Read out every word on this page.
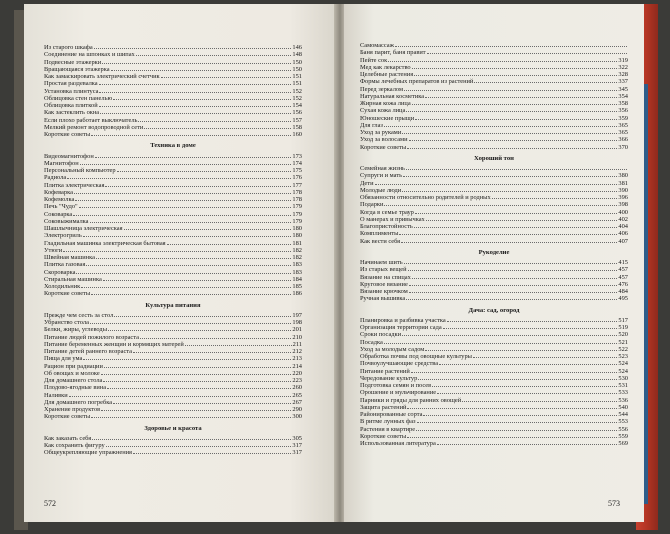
Из старого шкафа	146
Соединение на шпонках и шипах	148
Подвесные этажерки	150
Вращающаяся этажерка	150
Как замаскировать электрический счетчик	151
Простая раздевалка	151
Установка плинтуса	152
Облицовка стен панелью	152
Облицовка плиткой	154
Как застеклить окна	156
Если плохо работает выключатель	157
Мелкий ремонт водопроводной сети	158
Короткие советы	160
Техника в доме
Видеомагнитофон	173
Магнитофон	174
Персональный компьютер	175
Радиола	176
Плитка электрическая	177
Кофеварка	178
Кофемолка	178
Печь "Чудо"	179
Соковарка	179
Соковыжималка	179
Шашлычница электрическая	180
Электрогриль	180
Гладильная машинка электрическая бытовая	181
Утюги	182
Швейная машинка	182
Плитка газовая	183
Скороварка	183
Стиральная машинка	184
Холодильник	185
Короткие советы	186
Культура питания
Прежде чем сесть за стол	197
Убранство стола	198
Белки, жиры, углеводы	201
Питание людей пожилого возраста	210
Питание беременных женщин и кормящих матерей	211
Питание детей раннего возраста	212
Пища для ума	213
Рацион при радиации	214
Об овощах и молоке	220
Для домашнего стола	223
Плодово-ягодные вина	260
Наливки	265
Для домашнего погребка	267
Хранение продуктов	290
Короткие советы	300
Здоровье и красота
Как заказать себя	305
Как сохранить фигуру	317
Общеукрепляющие упражнения	317
572
Самомассаж
Баня парит, баня правит
Пейте сок	319
Мед как лекарство	322
Целебные растения	328
Формы лечебных препаратов из растений	337
Перед зеркалом	345
Натуральная косметика	354
Жирная кожа лица	358
Сухая кожа лица	356
Юношеские прыщи	359
Для глаз	365
Уход за руками	365
Уход за волосами	366
Короткие советы	370
Хороший тон
Семейная жизнь
Супруги и мать	380
Дети	381
Молодые люди	390
Обязанности относительно родителей и родных	396
Подарки	398
Когда в семье траур	400
О манерах и привычках	402
Благопристойность	404
Комплименты	406
Как вести себя	407
Рукоделие
Начинаем шить	415
Из старых вещей	457
Вязание на спицах	457
Круговое вязание	476
Вязание крючком	484
Ручная вышивка	495
Дача: сад, огород
Планировка и разбивка участка	517
Организация территории сада	519
Сроки посадки	520
Посадка	521
Уход за молодым садом	522
Обработка почвы под овощные культуры	523
Почвоулучшающие средства	524
Питание растений	524
Чередование культур	530
Подготовка семян и посев	531
Орошение и мульчирование	533
Парники и гряды для ранних овощей	536
Защита растений	540
Районированные сорта	544
В ритме лунных фаз	553
Растения в квартире	556
Короткие советы	559
Использованная литература	569
573
